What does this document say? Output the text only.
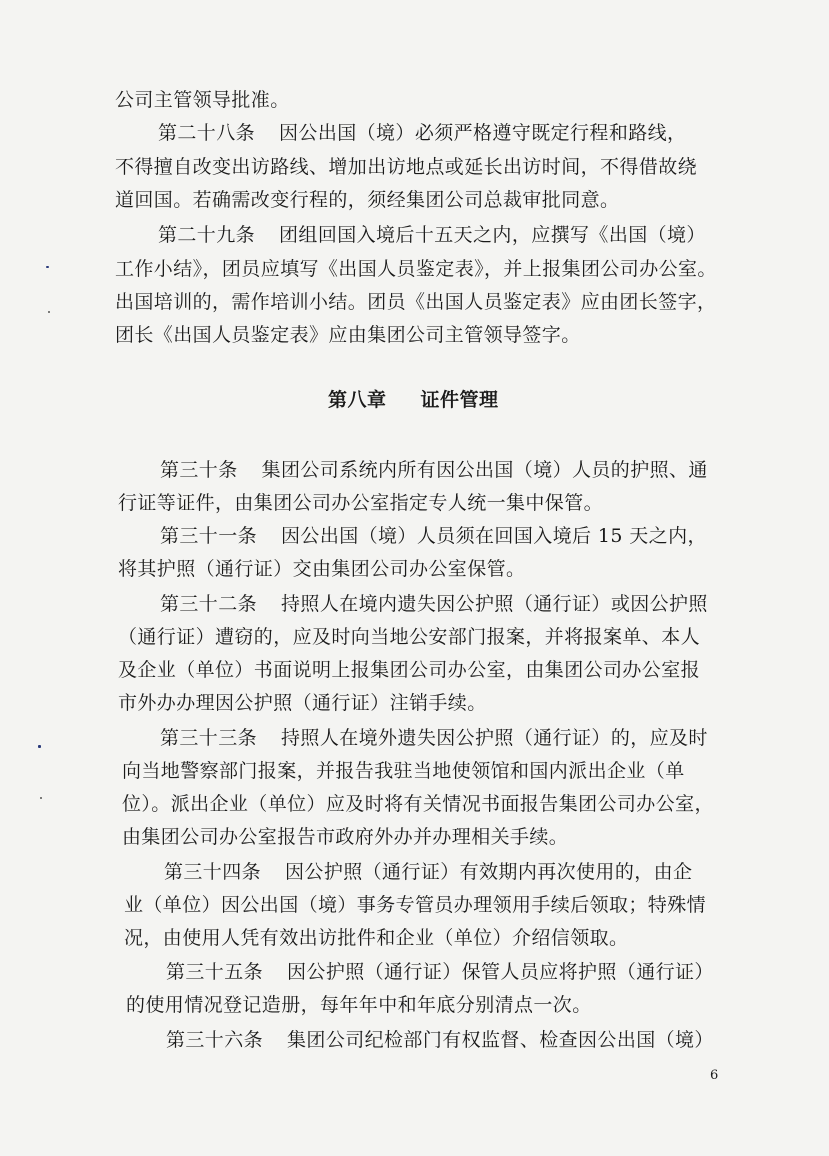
公司主管领导批准。
第二十八条 因公出国（境）必须严格遵守既定行程和路线，
不得擅自改变出访路线、增加出访地点或延长出访时间，不得借故绕
道回国。若确需改变行程的，须经集团公司总裁审批同意。
第二十九条 团组回国入境后十五天之内，应撰写《出国（境）
工作小结》，团员应填写《出国人员鉴定表》，并上报集团公司办公室。
出国培训的，需作培训小结。团员《出国人员鉴定表》应由团长签字，
团长《出国人员鉴定表》应由集团公司主管领导签字。
第八章 证件管理
第三十条 集团公司系统内所有因公出国（境）人员的护照、通
行证等证件，由集团公司办公室指定专人统一集中保管。
第三十一条 因公出国（境）人员须在回国入境后 15 天之内，
将其护照（通行证）交由集团公司办公室保管。
第三十二条 持照人在境内遗失因公护照（通行证）或因公护照
（通行证）遭窃的，应及时向当地公安部门报案，并将报案单、本人
及企业（单位）书面说明上报集团公司办公室，由集团公司办公室报
市外办办理因公护照（通行证）注销手续。
第三十三条 持照人在境外遗失因公护照（通行证）的，应及时
向当地警察部门报案，并报告我驻当地使领馆和国内派出企业（单
位）。派出企业（单位）应及时将有关情况书面报告集团公司办公室，
由集团公司办公室报告市政府外办并办理相关手续。
第三十四条 因公护照（通行证）有效期内再次使用的，由企
业（单位）因公出国（境）事务专管员办理领用手续后领取；特殊情
况，由使用人凭有效出访批件和企业（单位）介绍信领取。
第三十五条 因公护照（通行证）保管人员应将护照（通行证）
的使用情况登记造册，每年年中和年底分别清点一次。
第三十六条 集团公司纪检部门有权监督、检查因公出国（境）
6
